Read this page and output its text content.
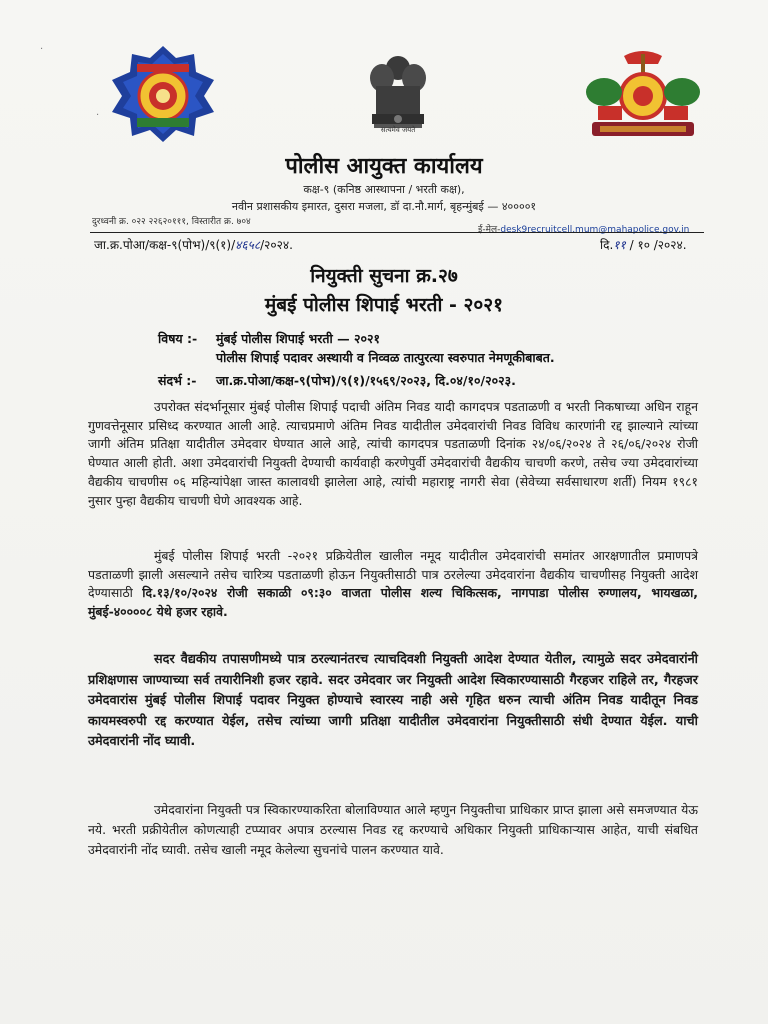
सत्यमेव जयते
पोलीस आयुक्त कार्यालय
कक्ष-९ (कनिष्ठ आस्थापना / भरती कक्ष),
नवीन प्रशासकीय इमारत, दुसरा मजला, डॉ दा.नौ.मार्ग, बृहन्मुंबई — ४००००१
दुरध्वनी क्र. ०२२ २२६२०१११, विस्तारीत क्र. ७०४
ई-मेल-desk9recruitcell.mum@mahapolice.gov.in
जा.क्र.पोआ/कक्ष-९(पोभ)/९(१)/४६५८/२०२४.	दि.११ / १० /२०२४.
नियुक्ती सुचना क्र.२७
मुंबई पोलीस शिपाई भरती - २०२१
विषय :- मुंबई पोलीस शिपाई भरती — २०२१
पोलीस शिपाई पदावर अस्थायी व निव्वळ तात्पुरत्या स्वरुपात नेमणूकीबाबत.
संदर्भ :- जा.क्र.पोआ/कक्ष-९(पोभ)/९(१)/१५६९/२०२३, दि.०४/१०/२०२३.
उपरोक्त संदर्भानूसार मुंबई पोलीस शिपाई पदाची अंतिम निवड यादी कागदपत्र पडताळणी व भरती निकषाच्या अधिन राहून गुणवत्तेनूसार प्रसिध्द करण्यात आली आहे. त्याचप्रमाणे अंतिम निवड यादीतील उमेदवारांची निवड विविध कारणांनी रद्द झाल्याने त्यांच्या जागी अंतिम प्रतिक्षा यादीतील उमेदवार घेण्यात आले आहे, त्यांची कागदपत्र पडताळणी दिनांक २४/०६/२०२४ ते २६/०६/२०२४ रोजी घेण्यात आली होती. अशा उमेदवारांची नियुक्ती देण्याची कार्यवाही करणेपुर्वी उमेदवारांची वैद्यकीय चाचणी करणे, तसेच ज्या उमेदवारांच्या वैद्यकीय चाचणीस ०६ महिन्यांपेक्षा जास्त कालावधी झालेला आहे, त्यांची महाराष्ट्र नागरी सेवा (सेवेच्या सर्वसाधारण शर्ती) नियम १९८१ नुसार पुन्हा वैद्यकीय चाचणी घेणे आवश्यक आहे.
मुंबई पोलीस शिपाई भरती -२०२१ प्रक्रियेतील खालील नमूद यादीतील उमेदवारांची समांतर आरक्षणातील प्रमाणपत्रे पडताळणी झाली असल्याने तसेच चारित्र्य पडताळणी होऊन नियुक्तीसाठी पात्र ठरलेल्या उमेदवारांना वैद्यकीय चाचणीसह नियुक्ती आदेश देण्यासाठी दि.१३/१०/२०२४ रोजी सकाळी ०९:३० वाजता पोलीस शल्य चिकित्सक, नागपाडा पोलीस रुग्णालय, भायखळा, मुंबई-४००००८ येथे हजर रहावे.
सदर वैद्यकीय तपासणीमध्ये पात्र ठरल्यानंतरच त्याचदिवशी नियुक्ती आदेश देण्यात येतील, त्यामुळे सदर उमेदवारांनी प्रशिक्षणास जाण्याच्या सर्व तयारीनिशी हजर रहावे. सदर उमेदवार जर नियुक्ती आदेश स्विकारण्यासाठी गैरहजर राहिले तर, गैरहजर उमेदवारांस मुंबई पोलीस शिपाई पदावर नियुक्त होण्याचे स्वारस्य नाही असे गृहित धरुन त्याची अंतिम निवड यादीतून निवड कायमस्वरुपी रद्द करण्यात येईल, तसेच त्यांच्या जागी प्रतिक्षा यादीतील उमेदवारांना नियुक्तीसाठी संधी देण्यात येईल. याची उमेदवारांनी नोंद घ्यावी.
उमेदवारांना नियुक्ती पत्र स्विकारण्याकरिता बोलाविण्यात आले म्हणुन नियुक्तीचा प्राधिकार प्राप्त झाला असे समजण्यात येऊ नये. भरती प्रक्रीयेतील कोणत्याही टप्प्यावर अपात्र ठरल्यास निवड रद्द करण्याचे अधिकार नियुक्ती प्राधिकाऱ्यास आहेत, याची संबधित उमेदवारांनी नोंद घ्यावी. तसेच खाली नमूद केलेल्या सुचनांचे पालन करण्यात यावे.
·
·
